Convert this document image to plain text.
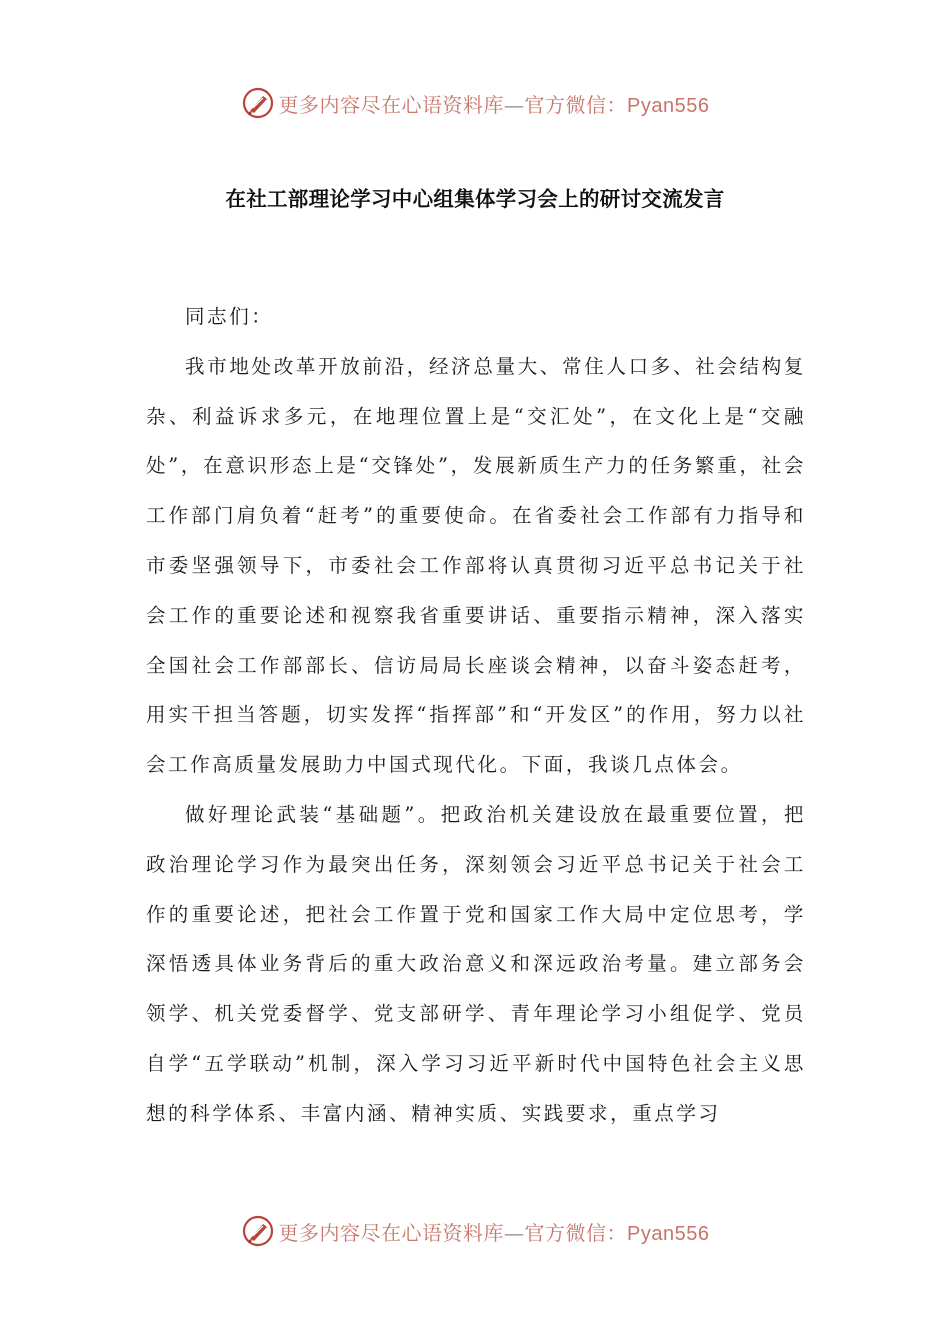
更多内容尽在心语资料库—官方微信：Pyan556
在社工部理论学习中心组集体学习会上的研讨交流发言

同志们：

我市地处改革开放前沿，经济总量大、常住人口多、社会结构复杂、利益诉求多元，在地理位置上是“交汇处”，在文化上是“交融处”，在意识形态上是“交锋处”，发展新质生产力的任务繁重，社会工作部门肩负着“赶考”的重要使命。在省委社会工作部有力指导和市委坚强领导下，市委社会工作部将认真贯彻习近平总书记关于社会工作的重要论述和视察我省重要讲话、重要指示精神，深入落实全国社会工作部部长、信访局局长座谈会精神，以奋斗姿态赶考，用实干担当答题，切实发挥“指挥部”和“开发区”的作用，努力以社会工作高质量发展助力中国式现代化。下面，我谈几点体会。

做好理论武装“基础题”。把政治机关建设放在最重要位置，把政治理论学习作为最突出任务，深刻领会习近平总书记关于社会工作的重要论述，把社会工作置于党和国家工作大局中定位思考，学深悟透具体业务背后的重大政治意义和深远政治考量。建立部务会领学、机关党委督学、党支部研学、青年理论学习小组促学、党员自学“五学联动”机制，深入学习习近平新时代中国特色社会主义思想的科学体系、丰富内涵、精神实质、实践要求，重点学习

更多内容尽在心语资料库—官方微信：Pyan556
